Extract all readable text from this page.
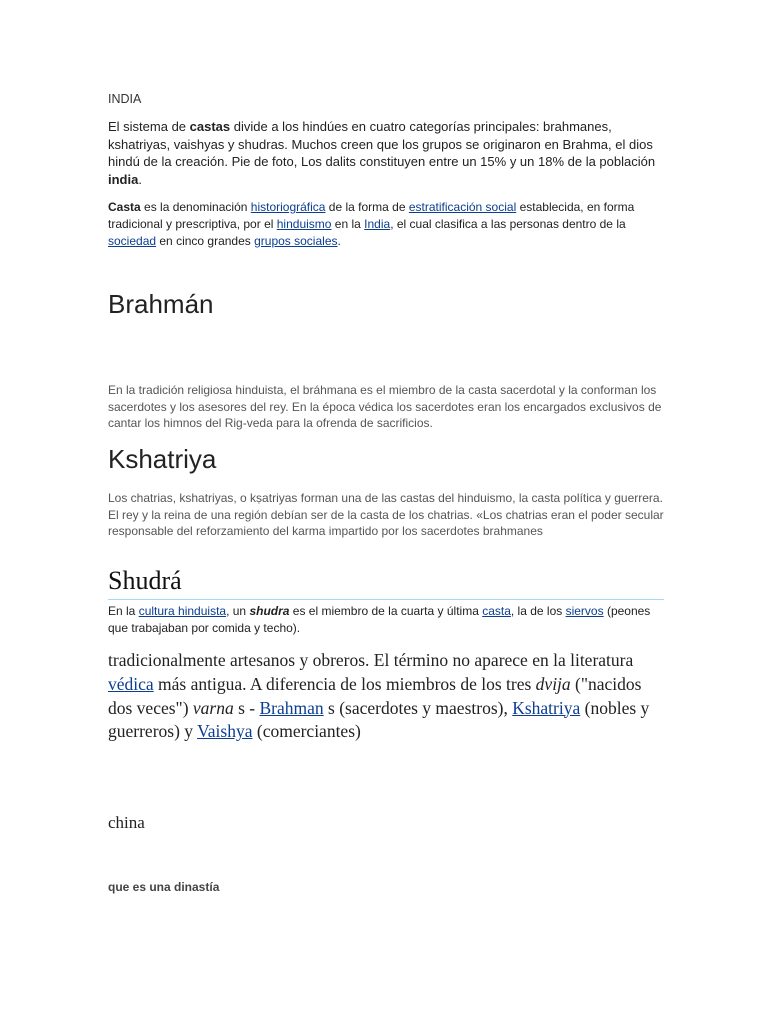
INDIA

El sistema de castas divide a los hindúes en cuatro categorías principales: brahmanes, kshatriyas, vaishyas y shudras. Muchos creen que los grupos se originaron en Brahma, el dios hindú de la creación. Pie de foto, Los dalits constituyen entre un 15% y un 18% de la población india.

Casta es la denominación historiográfica de la forma de estratificación social establecida, en forma tradicional y prescriptiva, por el hinduismo en la India, el cual clasifica a las personas dentro de la sociedad en cinco grandes grupos sociales.

Brahmán

En la tradición religiosa hinduista, el bráhmana es el miembro de la casta sacerdotal y la conforman los sacerdotes y los asesores del rey. En la época védica los sacerdotes eran los encargados exclusivos de cantar los himnos del Rig-veda para la ofrenda de sacrificios.

Kshatriya

Los chatrias, kshatriyas, o kṣatriyas forman una de las castas del hinduismo, la casta política y guerrera. El rey y la reina de una región debían ser de la casta de los chatrias. «Los chatrias eran el poder secular responsable del reforzamiento del karma impartido por los sacerdotes brahmanes

Shudrá

En la cultura hinduista, un shudra es el miembro de la cuarta y última casta, la de los siervos (peones que trabajaban por comida y techo).

tradicionalmente artesanos y obreros. El término no aparece en la literatura védica más antigua. A diferencia de los miembros de los tres dvija ("nacidos dos veces") varna s - Brahman s (sacerdotes y maestros), Kshatriya (nobles y guerreros) y Vaishya (comerciantes)

china
que es una dinastía
